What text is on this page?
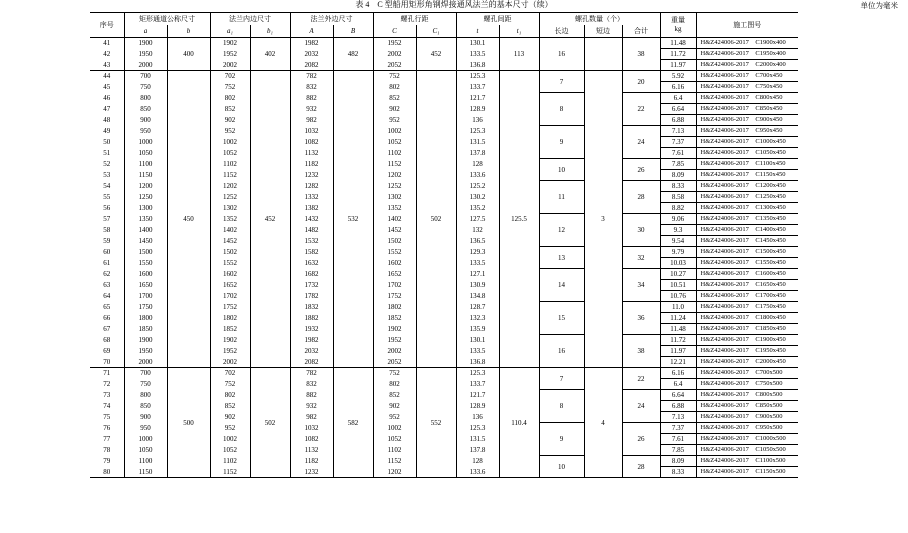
表 4　C 型船用矩形角钢焊接通风法兰的基本尺寸（续）	单位为毫米
序号	矩形通道公称尺寸		法兰内边尺寸		法兰外边尺寸		螺孔行距		螺孔间距		螺孔数量（个）			重量
kg	施工图号
	a	b	a₁	b₁	A	B	C	C₁	t	t₁	长边	短边	合计		
41	1900	400	1902	402	1982	482	1952	452	130.1	113	16		38	11.48	H&Z424006-2017　C1900x400
42	1950		1952		2032		2002		133.5					11.72	H&Z424006-2017　C1950x400
43	2000		2002		2082		2052		136.8					11.97	H&Z424006-2017　C2000x400
44	700	450	702	452	782	532	752	502	125.3	125.5	7	3	20	5.92	H&Z424006-2017　C700x450
45	750		752		832		802		133.7					6.16	H&Z424006-2017　C750x450
46	800		802		882		852		121.7		8		22	6.4	H&Z424006-2017　C800x450
47	850		852		932		902		128.9					6.64	H&Z424006-2017　C850x450
48	900		902		982		952		136					6.88	H&Z424006-2017　C900x450
49	950		952		1032		1002		125.3		9		24	7.13	H&Z424006-2017　C950x450
50	1000		1002		1082		1052		131.5					7.37	H&Z424006-2017　C1000x450
51	1050		1052		1132		1102		137.8					7.61	H&Z424006-2017　C1050x450
52	1100		1102		1182		1152		128		10		26	7.85	H&Z424006-2017　C1100x450
53	1150		1152		1232		1202		133.6					8.09	H&Z424006-2017　C1150x450
54	1200		1202		1282		1252		125.2		11		28	8.33	H&Z424006-2017　C1200x450
55	1250		1252		1332		1302		130.2					8.58	H&Z424006-2017　C1250x450
56	1300		1302		1382		1352		135.2					8.82	H&Z424006-2017　C1300x450
57	1350		1352		1432		1402		127.5		12		30	9.06	H&Z424006-2017　C1350x450
58	1400		1402		1482		1452		132					9.3	H&Z424006-2017　C1400x450
59	1450		1452		1532		1502		136.5					9.54	H&Z424006-2017　C1450x450
60	1500		1502		1582		1552		129.3		13		32	9.79	H&Z424006-2017　C1500x450
61	1550		1552		1632		1602		133.5					10.03	H&Z424006-2017　C1550x450
62	1600		1602		1682		1652		127.1		14		34	10.27	H&Z424006-2017　C1600x450
63	1650		1652		1732		1702		130.9					10.51	H&Z424006-2017　C1650x450
64	1700		1702		1782		1752		134.8					10.76	H&Z424006-2017　C1700x450
65	1750		1752		1832		1802		128.7		15		36	11.0	H&Z424006-2017　C1750x450
66	1800		1802		1882		1852		132.3					11.24	H&Z424006-2017　C1800x450
67	1850		1852		1932		1902		135.9					11.48	H&Z424006-2017　C1850x450
68	1900		1902		1982		1952		130.1		16		38	11.72	H&Z424006-2017　C1900x450
69	1950		1952		2032		2002		133.5					11.97	H&Z424006-2017　C1950x450
70	2000		2002		2082		2052		136.8					12.21	H&Z424006-2017　C2000x450
71	700	500	702	502	782	582	752	552	125.3	110.4	7	4	22	6.16	H&Z424006-2017　C700x500
72	750		752		832		802		133.7					6.4	H&Z424006-2017　C750x500
73	800		802		882		852		121.7		8		24	6.64	H&Z424006-2017　C800x500
74	850		852		932		902		128.9					6.88	H&Z424006-2017　C850x500
75	900		902		982		952		136					7.13	H&Z424006-2017　C900x500
76	950		952		1032		1002		125.3		9		26	7.37	H&Z424006-2017　C950x500
77	1000		1002		1082		1052		131.5					7.61	H&Z424006-2017　C1000x500
78	1050		1052		1132		1102		137.8					7.85	H&Z424006-2017　C1050x500
79	1100		1102		1182		1152		128		10		28	8.09	H&Z424006-2017　C1100x500
80	1150		1152		1232		1202		133.6					8.33	H&Z424006-2017　C1150x500
